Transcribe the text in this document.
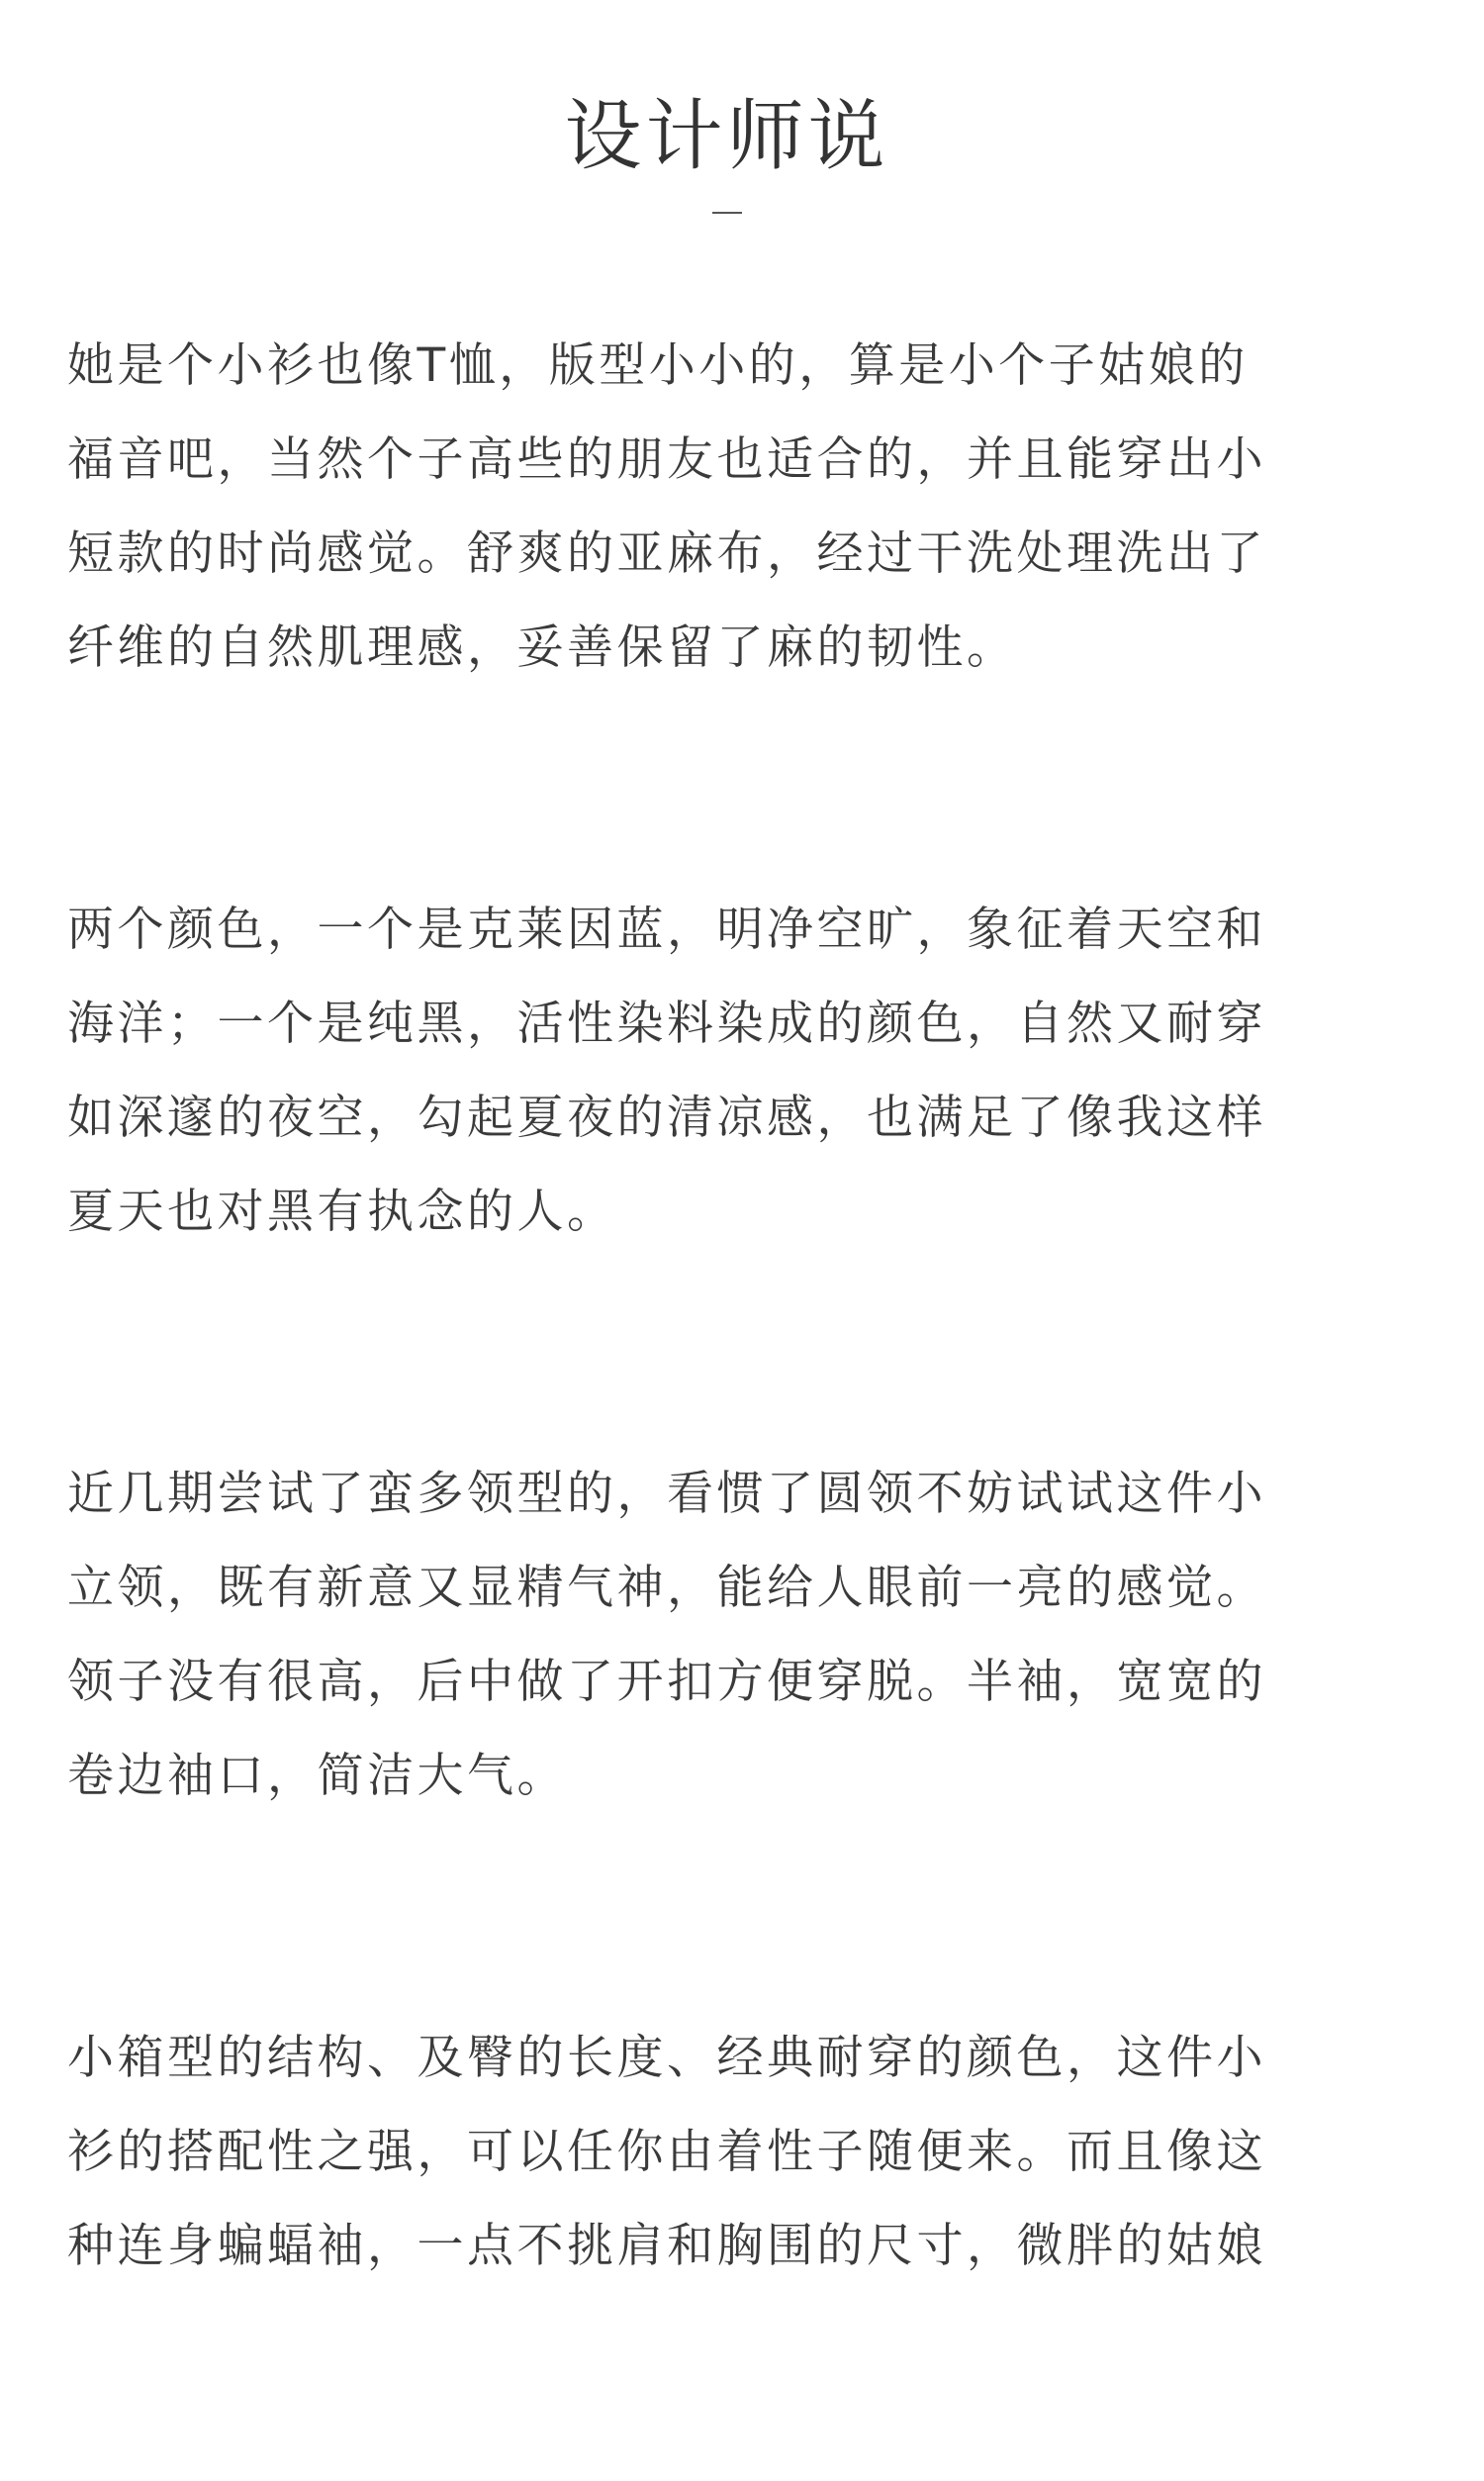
设计师说
她是个小衫也像T恤，版型小小的，算是小个子姑娘的
福音吧，当然个子高些的朋友也适合的，并且能穿出小
短款的时尚感觉。舒爽的亚麻布，经过干洗处理洗出了
纤维的自然肌理感，妥善保留了麻的韧性。
两个颜色，一个是克莱因蓝，明净空旷，象征着天空和
海洋；一个是纯黑，活性染料染成的颜色，自然又耐穿
如深邃的夜空，勾起夏夜的清凉感，也满足了像我这样
夏天也对黑有执念的人。
近几期尝试了蛮多领型的，看惯了圆领不妨试试这件小
立领，既有新意又显精气神，能给人眼前一亮的感觉。
领子没有很高，后中做了开扣方便穿脱。半袖，宽宽的
卷边袖口，简洁大气。
小箱型的结构、及臀的长度、经典耐穿的颜色，这件小
衫的搭配性之强，可以任你由着性子随便来。而且像这
种连身蝙蝠袖，一点不挑肩和胸围的尺寸，微胖的姑娘
